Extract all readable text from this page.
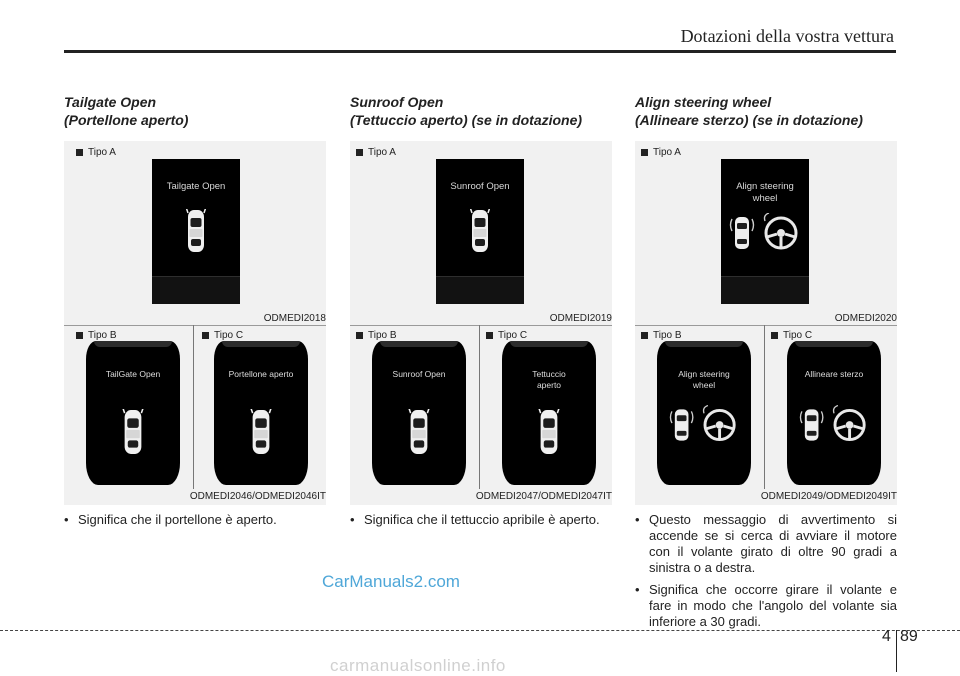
Dotazioni della vostra vettura
Tailgate Open
(Portellone aperto)
Tipo A
Tailgate Open
ODMEDI2018
Tipo B	Tipo C
TailGate Open	Portellone aperto
ODMEDI2046/ODMEDI2046IT

• Significa che il portellone è aperto.

Sunroof Open
(Tettuccio aperto) (se in dotazione)
Tipo A
Sunroof Open
ODMEDI2019
Tipo B	Tipo C
Sunroof Open	Tettuccio aperto
ODMEDI2047/ODMEDI2047IT

• Significa che il tettuccio apribile è aperto.

Align steering wheel
(Allineare sterzo) (se in dotazione)
Tipo A
Align steering wheel
ODMEDI2020
Tipo B	Tipo C
Align steering wheel
Allineare sterzo
ODMEDI2049/ODMEDI2049IT

• Questo messaggio di avvertimento si accende se si cerca di avviare il motore con il volante girato di oltre 90 gradi a sinistra o a destra.

• Significa che occorre girare il volante e fare in modo che l'angolo del volante sia inferiore a 30 gradi.

CarManuals2.com
4 89
carmanualsonline.info
